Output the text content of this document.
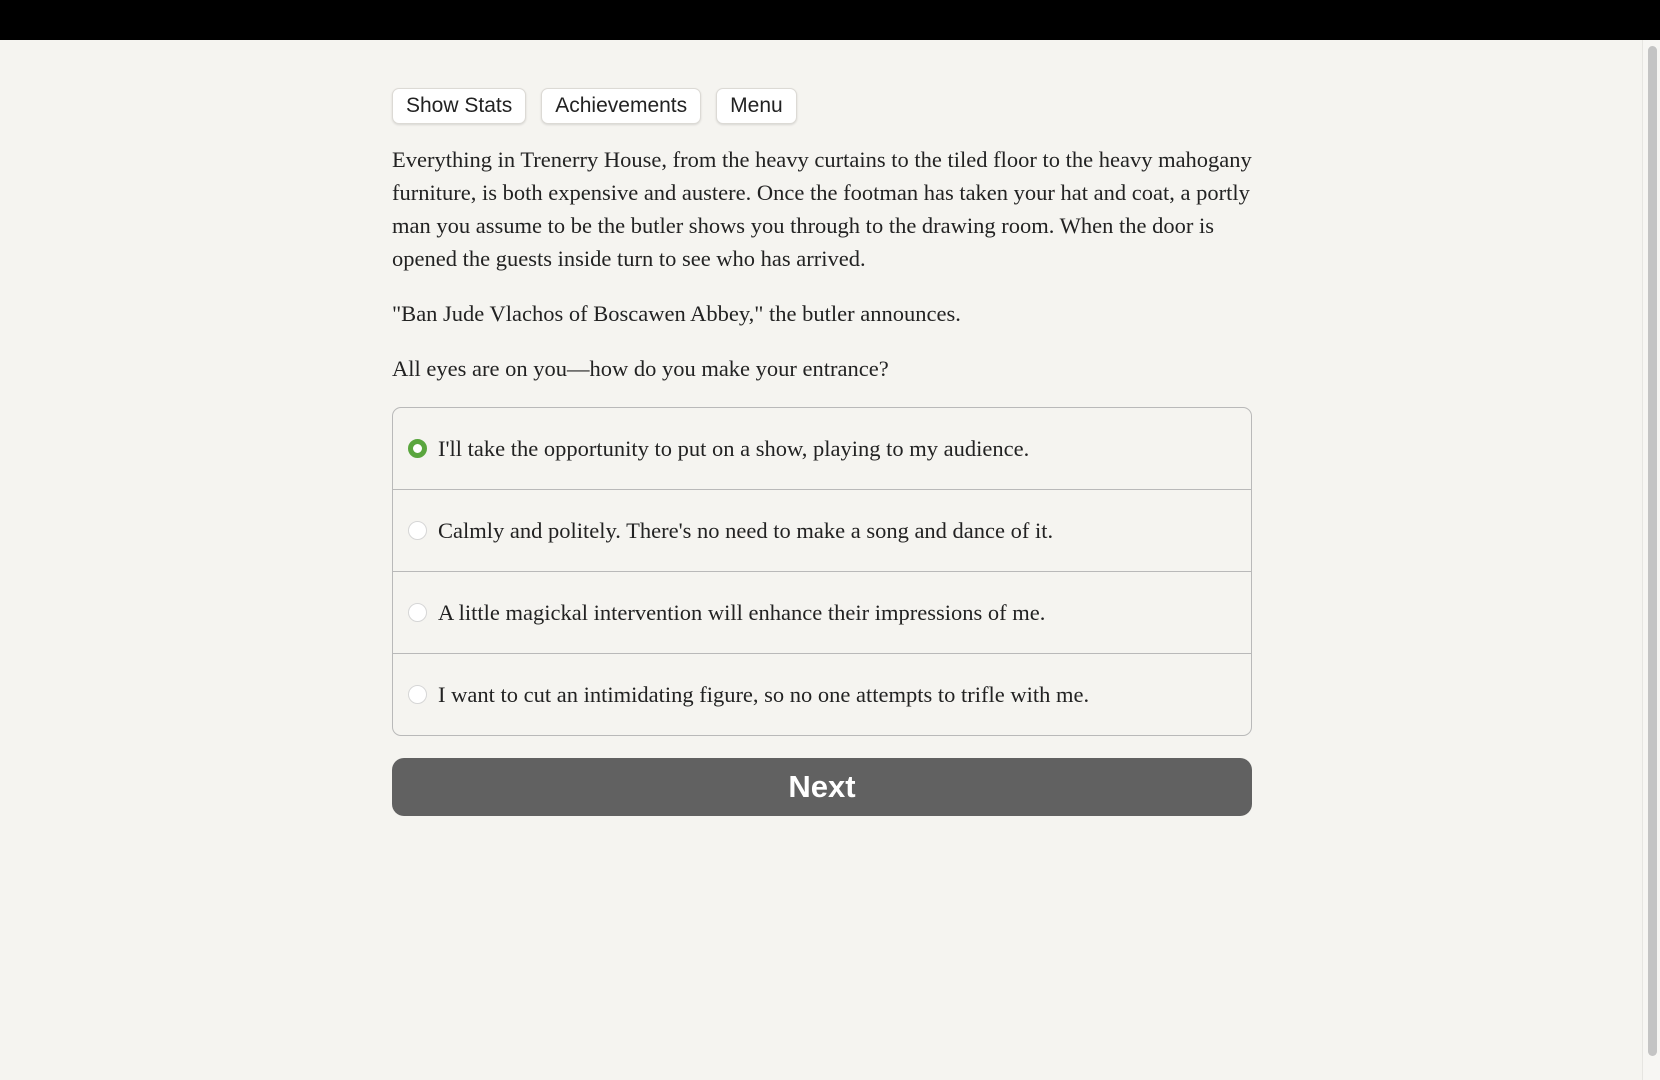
Show Stats	Achievements	Menu

Everything in Trenerry House, from the heavy curtains to the tiled floor to the heavy mahogany furniture, is both expensive and austere. Once the footman has taken your hat and coat, a portly man you assume to be the butler shows you through to the drawing room. When the door is opened the guests inside turn to see who has arrived.

"Ban Jude Vlachos of Boscawen Abbey," the butler announces.

All eyes are on you—how do you make your entrance?

I'll take the opportunity to put on a show, playing to my audience.
Calmly and politely. There's no need to make a song and dance of it.
A little magickal intervention will enhance their impressions of me.
I want to cut an intimidating figure, so no one attempts to trifle with me.
Next
